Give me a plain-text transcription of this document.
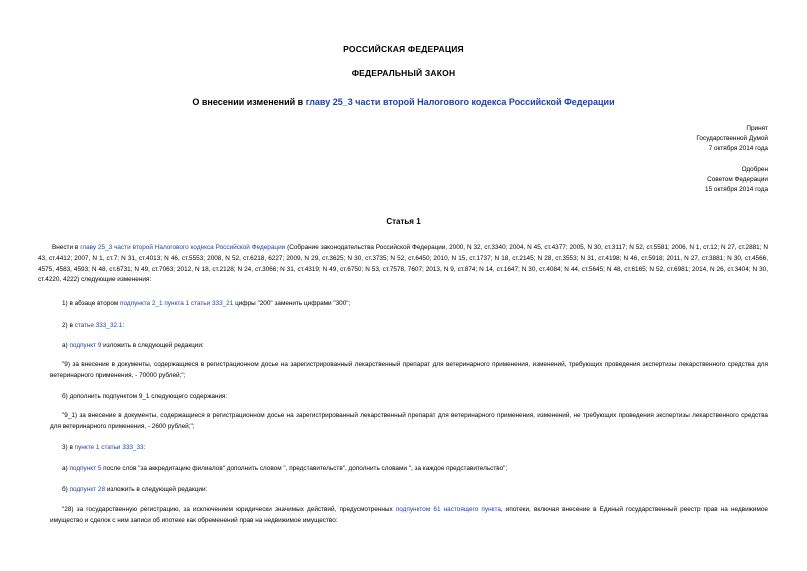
РОССИЙСКАЯ ФЕДЕРАЦИЯ
ФЕДЕРАЛЬНЫЙ ЗАКОН
О внесении изменений в главу 25_3 части второй Налогового кодекса Российской Федерации
Принят
Государственной Думой
7 октября 2014 года
Одобрен
Советом Федерации
15 октября 2014 года
Статья 1
Внести в главу 25_3 части второй Налогового кодекса Российской Федерации (Собрание законодательства Российской Федерации, 2000, N 32, ст.3340; 2004, N 45, ст.4377; 2005, N 30, ст.3117; N 52, ст.5581; 2006, N 1, ст.12; N 27, ст.2881; N 43, ст.4412; 2007, N 1, ст.7; N 31, ст.4013; N 46, ст.5553; 2008, N 52, ст.6218, 6227; 2009, N 29, ст.3625; N 30, ст.3735; N 52, ст.6450; 2010, N 15, ст.1737; N 18, ст.2145; N 28, ст.3553; N 31, ст.4198; N 46, ст.5918; 2011, N 27, ст.3881; N 30, ст.4566, 4575, 4583, 4593; N 48, ст.6731; N 49, ст.7063; 2012, N 18, ст.2128; N 24, ст.3066; N 31, ст.4319; N 49, ст.6750; N 53, ст.7578, 7607; 2013, N 9, ст.874; N 14, ст.1647; N 30, ст.4084; N 44, ст.5645; N 48, ст.6165; N 52, ст.6981; 2014, N 26, ст.3404; N 30, ст.4220, 4222) следующие изменения:
1) в абзаце втором подпункта 2_1 пункта 1 статьи 333_21 цифры "200" заменить цифрами "300";
2) в статье 333_32.1:
а) подпункт 9 изложить в следующей редакции:
"9) за внесение в документы, содержащиеся в регистрационном досье на зарегистрированный лекарственный препарат для ветеринарного применения, изменений, требующих проведения экспертизы лекарственного средства для ветеринарного применения, - 70000 рублей;";
б) дополнить подпунктом 9_1 следующего содержания:
"9_1) за внесение в документы, содержащиеся в регистрационном досье на зарегистрированный лекарственный препарат для ветеринарного применения, изменений, не требующих проведения экспертизы лекарственного средства для ветеринарного применения, - 2600 рублей;";
3) в пункте 1 статьи 333_33:
а) подпункт 5 после слов "за аккредитацию филиалов" дополнить словом ", представительств", дополнить словами ", за каждое представительство";
б) подпункт 28 изложить в следующей редакции:
"28) за государственную регистрацию, за исключением юридически значимых действий, предусмотренных подпунктом 61 настоящего пункта, ипотеки, включая внесение в Единый государственный реестр прав на недвижимое имущество и сделок с ним записи об ипотеке как обременений прав на недвижимое имущество:
